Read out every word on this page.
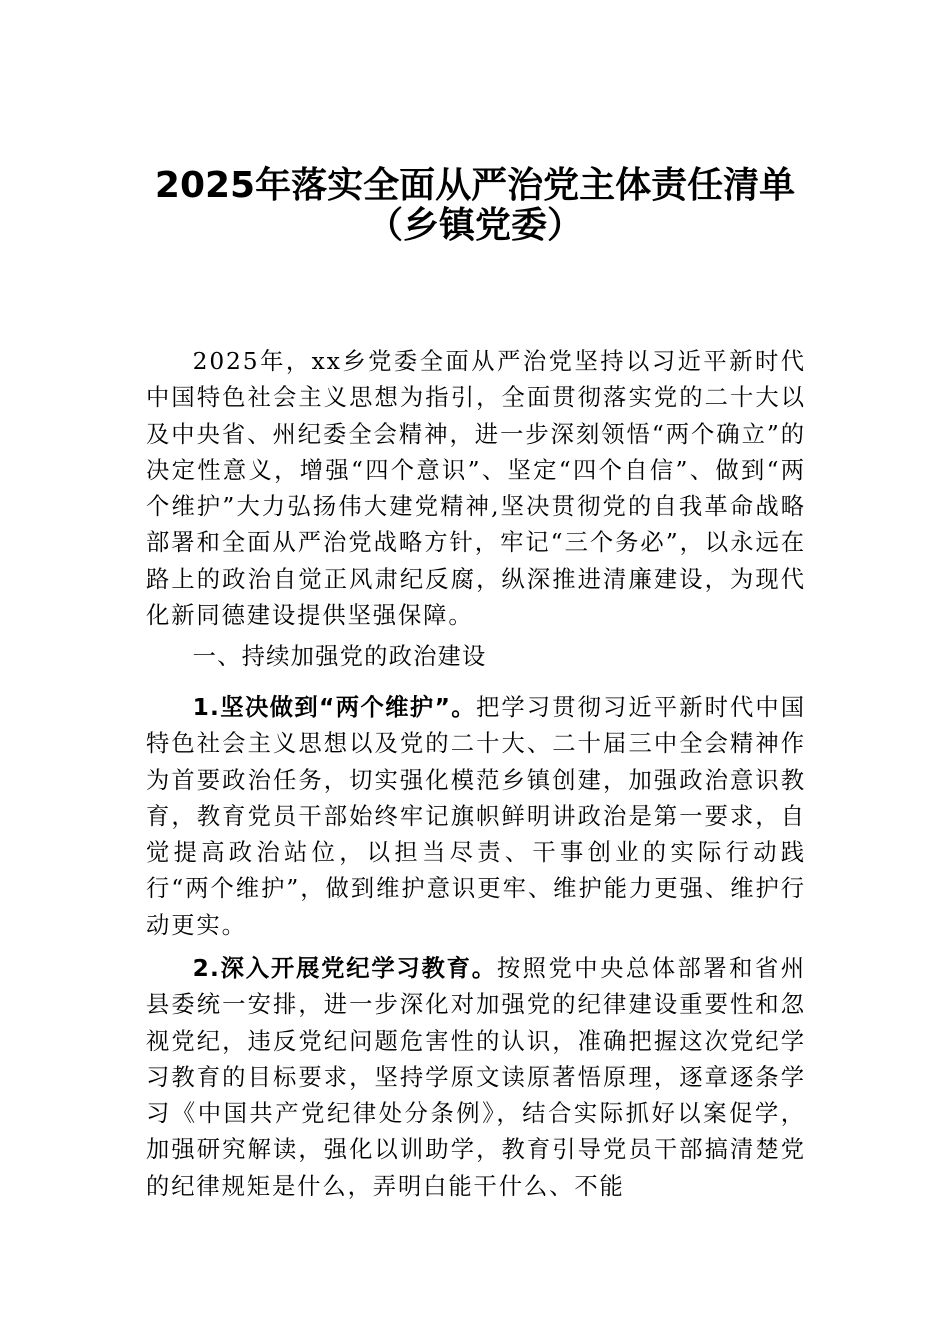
2025年落实全面从严治党主体责任清单
（乡镇党委）

2025年，xx乡党委全面从严治党坚持以习近平新时代中国特色社会主义思想为指引，全面贯彻落实党的二十大以及中央省、州纪委全会精神，进一步深刻领悟“两个确立”的决定性意义，增强“四个意识”、坚定“四个自信”、做到“两个维护”大力弘扬伟大建党精神,坚决贯彻党的自我革命战略部署和全面从严治党战略方针，牢记“三个务必”，以永远在路上的政治自觉正风肃纪反腐，纵深推进清廉建设，为现代化新同德建设提供坚强保障。

一、持续加强党的政治建设

1.坚决做到“两个维护”。把学习贯彻习近平新时代中国特色社会主义思想以及党的二十大、二十届三中全会精神作为首要政治任务，切实强化模范乡镇创建，加强政治意识教育，教育党员干部始终牢记旗帜鲜明讲政治是第一要求，自觉提高政治站位，以担当尽责、干事创业的实际行动践行“两个维护”，做到维护意识更牢、维护能力更强、维护行动更实。

2.深入开展党纪学习教育。按照党中央总体部署和省州县委统一安排，进一步深化对加强党的纪律建设重要性和忽视党纪，违反党纪问题危害性的认识，准确把握这次党纪学习教育的目标要求，坚持学原文读原著悟原理，逐章逐条学习《中国共产党纪律处分条例》，结合实际抓好以案促学，加强研究解读，强化以训助学，教育引导党员干部搞清楚党的纪律规矩是什么，弄明白能干什么、不能
